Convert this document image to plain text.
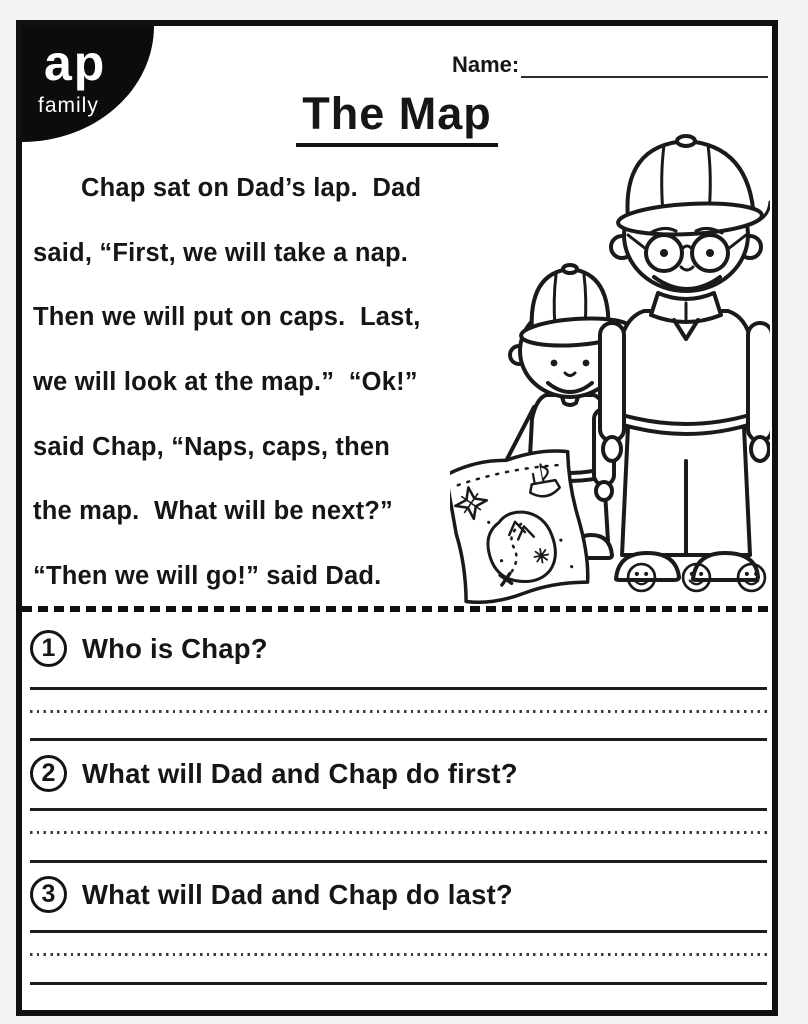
ap
family
Name:
The Map

Chap sat on Dad’s lap.  Dad

said, “First, we will take a nap.

Then we will put on caps.  Last,

we will look at the map.”  “Ok!”

said Chap, “Naps, caps, then

the map.  What will be next?”

“Then we will go!” said Dad.

1 Who is Chap?
2 What will Dad and Chap do first?
3 What will Dad and Chap do last?
